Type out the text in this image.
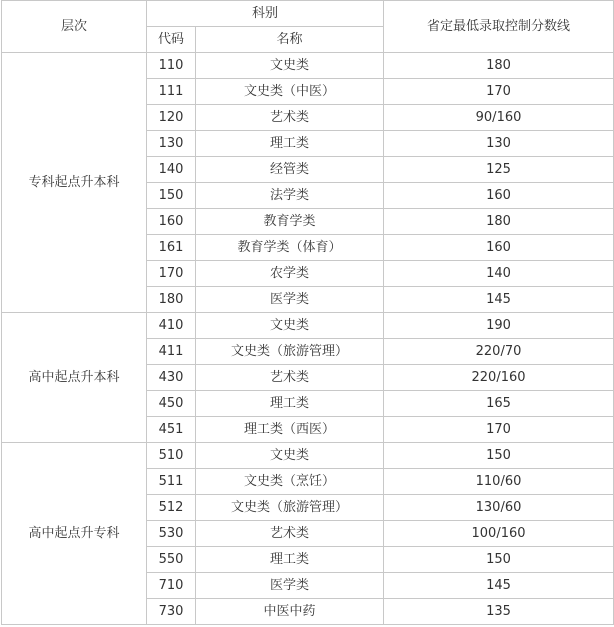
层次	科别		省定最低录取控制分数线
	代码	名称	
专科起点升本科	110	文史类	180
	111	文史类（中医）	170
	120	艺术类	90/160
	130	理工类	130
	140	经管类	125
	150	法学类	160
	160	教育学类	180
	161	教育学类（体育）	160
	170	农学类	140
	180	医学类	145
高中起点升本科	410	文史类	190
	411	文史类（旅游管理）	220/70
	430	艺术类	220/160
	450	理工类	165
	451	理工类（西医）	170
高中起点升专科	510	文史类	150
	511	文史类（烹饪）	110/60
	512	文史类（旅游管理）	130/60
	530	艺术类	100/160
	550	理工类	150
	710	医学类	145
	730	中医中药	135
